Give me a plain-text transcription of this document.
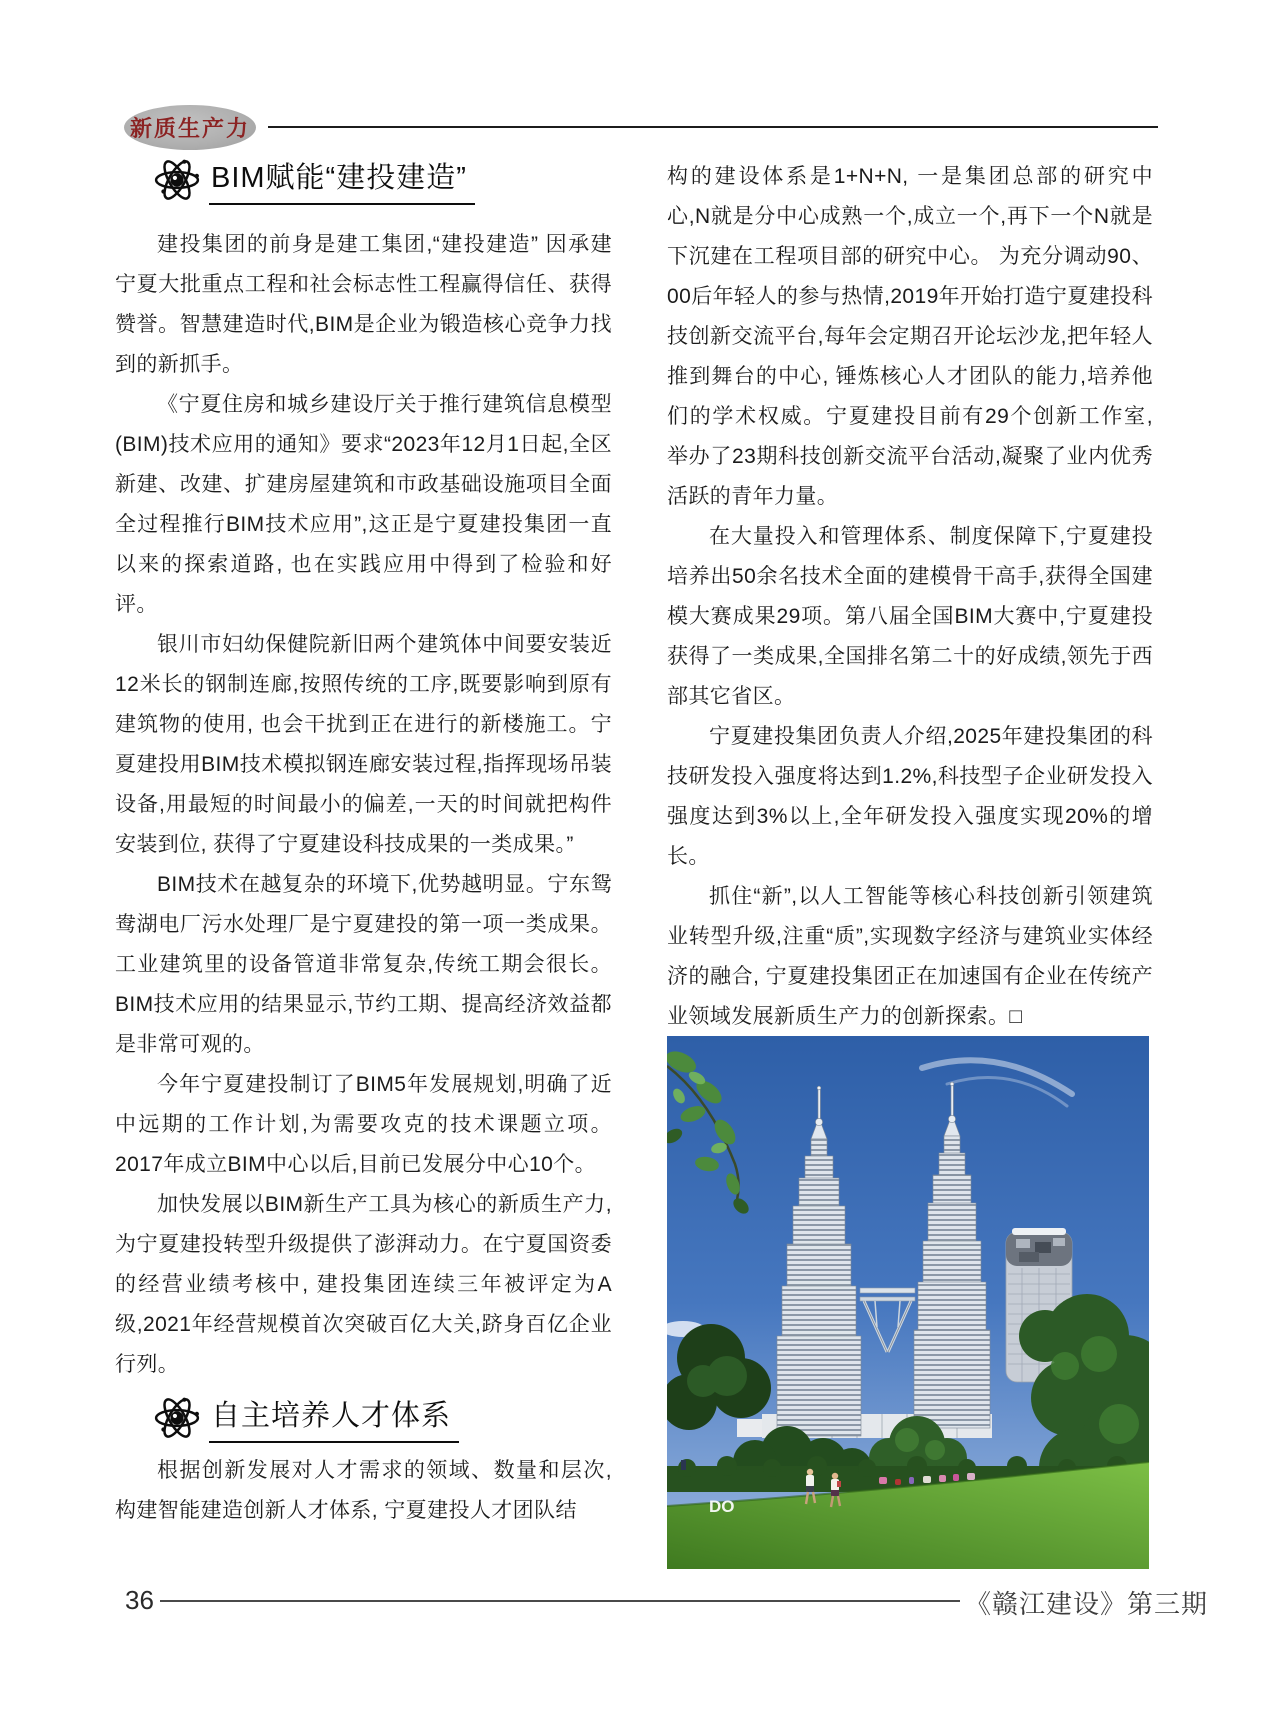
新质生产力
BIM赋能“建投建造”

建投集团的前身是建工集团,“建投建造” 因承建宁夏大批重点工程和社会标志性工程赢得信任、获得赞誉。智慧建造时代,BIM是企业为锻造核心竞争力找到的新抓手。

《宁夏住房和城乡建设厅关于推行建筑信息模型(BIM)技术应用的通知》要求“2023年12月1日起,全区新建、改建、扩建房屋建筑和市政基础设施项目全面全过程推行BIM技术应用”,这正是宁夏建投集团一直以来的探索道路, 也在实践应用中得到了检验和好评。

银川市妇幼保健院新旧两个建筑体中间要安装近12米长的钢制连廊,按照传统的工序,既要影响到原有建筑物的使用, 也会干扰到正在进行的新楼施工。宁夏建投用BIM技术模拟钢连廊安装过程,指挥现场吊装设备,用最短的时间最小的偏差,一天的时间就把构件安装到位, 获得了宁夏建设科技成果的一类成果。”

BIM技术在越复杂的环境下,优势越明显。宁东鸳鸯湖电厂污水处理厂是宁夏建投的第一项一类成果。工业建筑里的设备管道非常复杂,传统工期会很长。BIM技术应用的结果显示,节约工期、提高经济效益都是非常可观的。

今年宁夏建投制订了BIM5年发展规划,明确了近中远期的工作计划,为需要攻克的技术课题立项。2017年成立BIM中心以后,目前已发展分中心10个。

加快发展以BIM新生产工具为核心的新质生产力,为宁夏建投转型升级提供了澎湃动力。在宁夏国资委的经营业绩考核中, 建投集团连续三年被评定为A级,2021年经营规模首次突破百亿大关,跻身百亿企业行列。

自主培养人才体系

根据创新发展对人才需求的领域、数量和层次,构建智能建造创新人才体系, 宁夏建投人才团队结

构的建设体系是1+N+N, 一是集团总部的研究中心,N就是分中心成熟一个,成立一个,再下一个N就是下沉建在工程项目部的研究中心。 为充分调动90、00后年轻人的参与热情,2019年开始打造宁夏建投科技创新交流平台,每年会定期召开论坛沙龙,把年轻人推到舞台的中心, 锤炼核心人才团队的能力,培养他们的学术权威。宁夏建投目前有29个创新工作室, 举办了23期科技创新交流平台活动,凝聚了业内优秀活跃的青年力量。

在大量投入和管理体系、制度保障下,宁夏建投培养出50余名技术全面的建模骨干高手,获得全国建模大赛成果29项。第八届全国BIM大赛中,宁夏建投获得了一类成果,全国排名第二十的好成绩,领先于西部其它省区。

宁夏建投集团负责人介绍,2025年建投集团的科技研发投入强度将达到1.2%,科技型子企业研发投入强度达到3%以上,全年研发投入强度实现20%的增长。

抓住“新”,以人工智能等核心科技创新引领建筑业转型升级,注重“质”,实现数字经济与建筑业实体经济的融合, 宁夏建投集团正在加速国有企业在传统产业领域发展新质生产力的创新探索。□

DO
36	《赣江建设》第三期
